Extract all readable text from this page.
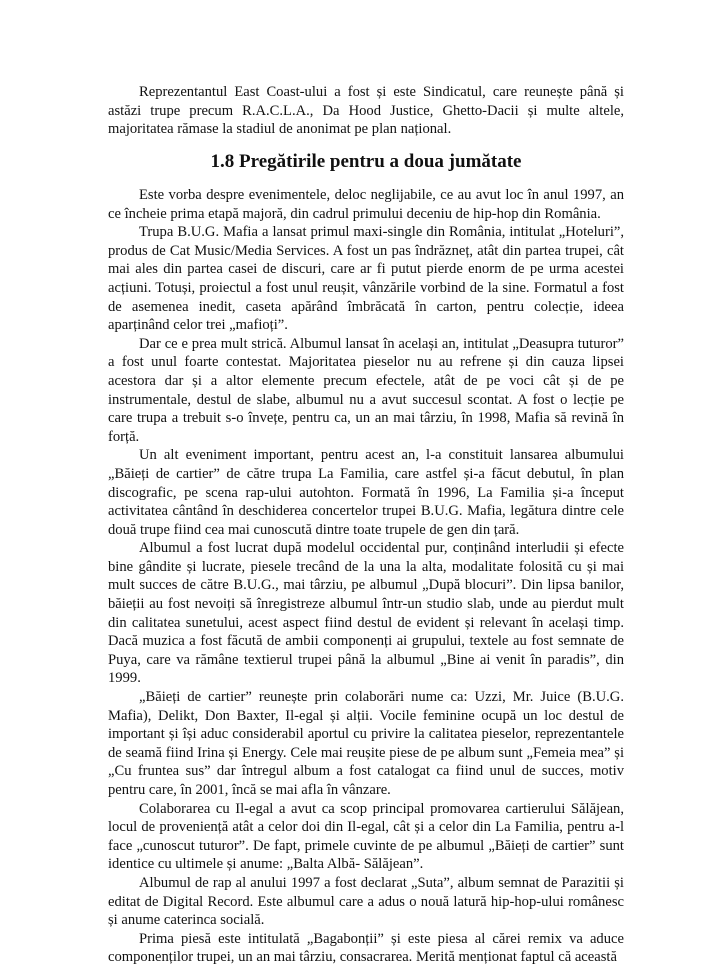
Reprezentantul East Coast-ului a fost și este Sindicatul, care reunește până și astăzi trupe precum R.A.C.L.A., Da Hood Justice, Ghetto-Dacii și multe altele, majoritatea rămase la stadiul de anonimat pe plan național.

1.8 Pregătirile pentru a doua jumătate

Este vorba despre evenimentele, deloc neglijabile, ce au avut loc în anul 1997, an ce încheie prima etapă majoră, din cadrul primului deceniu de hip-hop din România.

Trupa B.U.G. Mafia a lansat primul maxi-single din România, intitulat „Hoteluri”, produs de Cat Music/Media Services. A fost un pas îndrăzneț, atât din partea trupei, cât mai ales din partea casei de discuri, care ar fi putut pierde enorm de pe urma acestei acțiuni. Totuși, proiectul a fost unul reușit, vânzările vorbind de la sine. Formatul a fost de asemenea inedit, caseta apărând îmbrăcată în carton, pentru colecție, ideea aparținând celor trei „mafioți”.

Dar ce e prea mult strică. Albumul lansat în același an, intitulat „Deasupra tuturor” a fost unul foarte contestat. Majoritatea pieselor nu au refrene și din cauza lipsei acestora dar și a altor elemente precum efectele, atât de pe voci cât și de pe instrumentale, destul de slabe, albumul nu a avut succesul scontat. A fost o lecție pe care trupa a trebuit s-o învețe, pentru ca, un an mai târziu, în 1998, Mafia să revină în forță.

Un alt eveniment important, pentru acest an, l-a constituit lansarea albumului „Băieți de cartier” de către trupa La Familia, care astfel și-a făcut debutul, în plan discografic, pe scena rap-ului autohton. Formată în 1996, La Familia și-a început activitatea cântând în deschiderea concertelor trupei B.U.G. Mafia, legătura dintre cele două trupe fiind cea mai cunoscută dintre toate trupele de gen din țară.

Albumul a fost lucrat după modelul occidental pur, conținând interludii și efecte bine gândite și lucrate, piesele trecând de la una la alta, modalitate folosită cu și mai mult succes de către B.U.G., mai târziu, pe albumul „După blocuri”. Din lipsa banilor, băieții au fost nevoiți să înregistreze albumul într-un studio slab, unde au pierdut mult din calitatea sunetului, acest aspect fiind destul de evident și relevant în același timp. Dacă muzica a fost făcută de ambii componenți ai grupului, textele au fost semnate de Puya, care va rămâne textierul trupei până la albumul „Bine ai venit în paradis”, din 1999.

„Băieți de cartier” reunește prin colaborări nume ca: Uzzi, Mr. Juice (B.U.G. Mafia), Delikt, Don Baxter, Il-egal și alții. Vocile feminine ocupă un loc destul de important și își aduc considerabil aportul cu privire la calitatea pieselor, reprezentantele de seamă fiind Irina și Energy. Cele mai reușite piese de pe album sunt „Femeia mea” și „Cu fruntea sus” dar întregul album a fost catalogat ca fiind unul de succes, motiv pentru care, în 2001, încă se mai afla în vânzare.

Colaborarea cu Il-egal a avut ca scop principal promovarea cartierului Sălăjean, locul de proveniență atât a celor doi din Il-egal, cât și a celor din La Familia, pentru a-l face „cunoscut tuturor”. De fapt, primele cuvinte de pe albumul „Băieți de cartier” sunt identice cu ultimele și anume: „Balta Albă- Sălăjean”.

Albumul de rap al anului 1997 a fost declarat „Suta”, album semnat de Parazitii și editat de Digital Record. Este albumul care a adus o nouă latură hip-hop-ului românesc și anume caterinca socială.

Prima piesă este intitulată „Bagabonții” și este piesa al cărei remix va aduce componenților trupei, un an mai târziu, consacrarea. Merită menționat faptul că această
